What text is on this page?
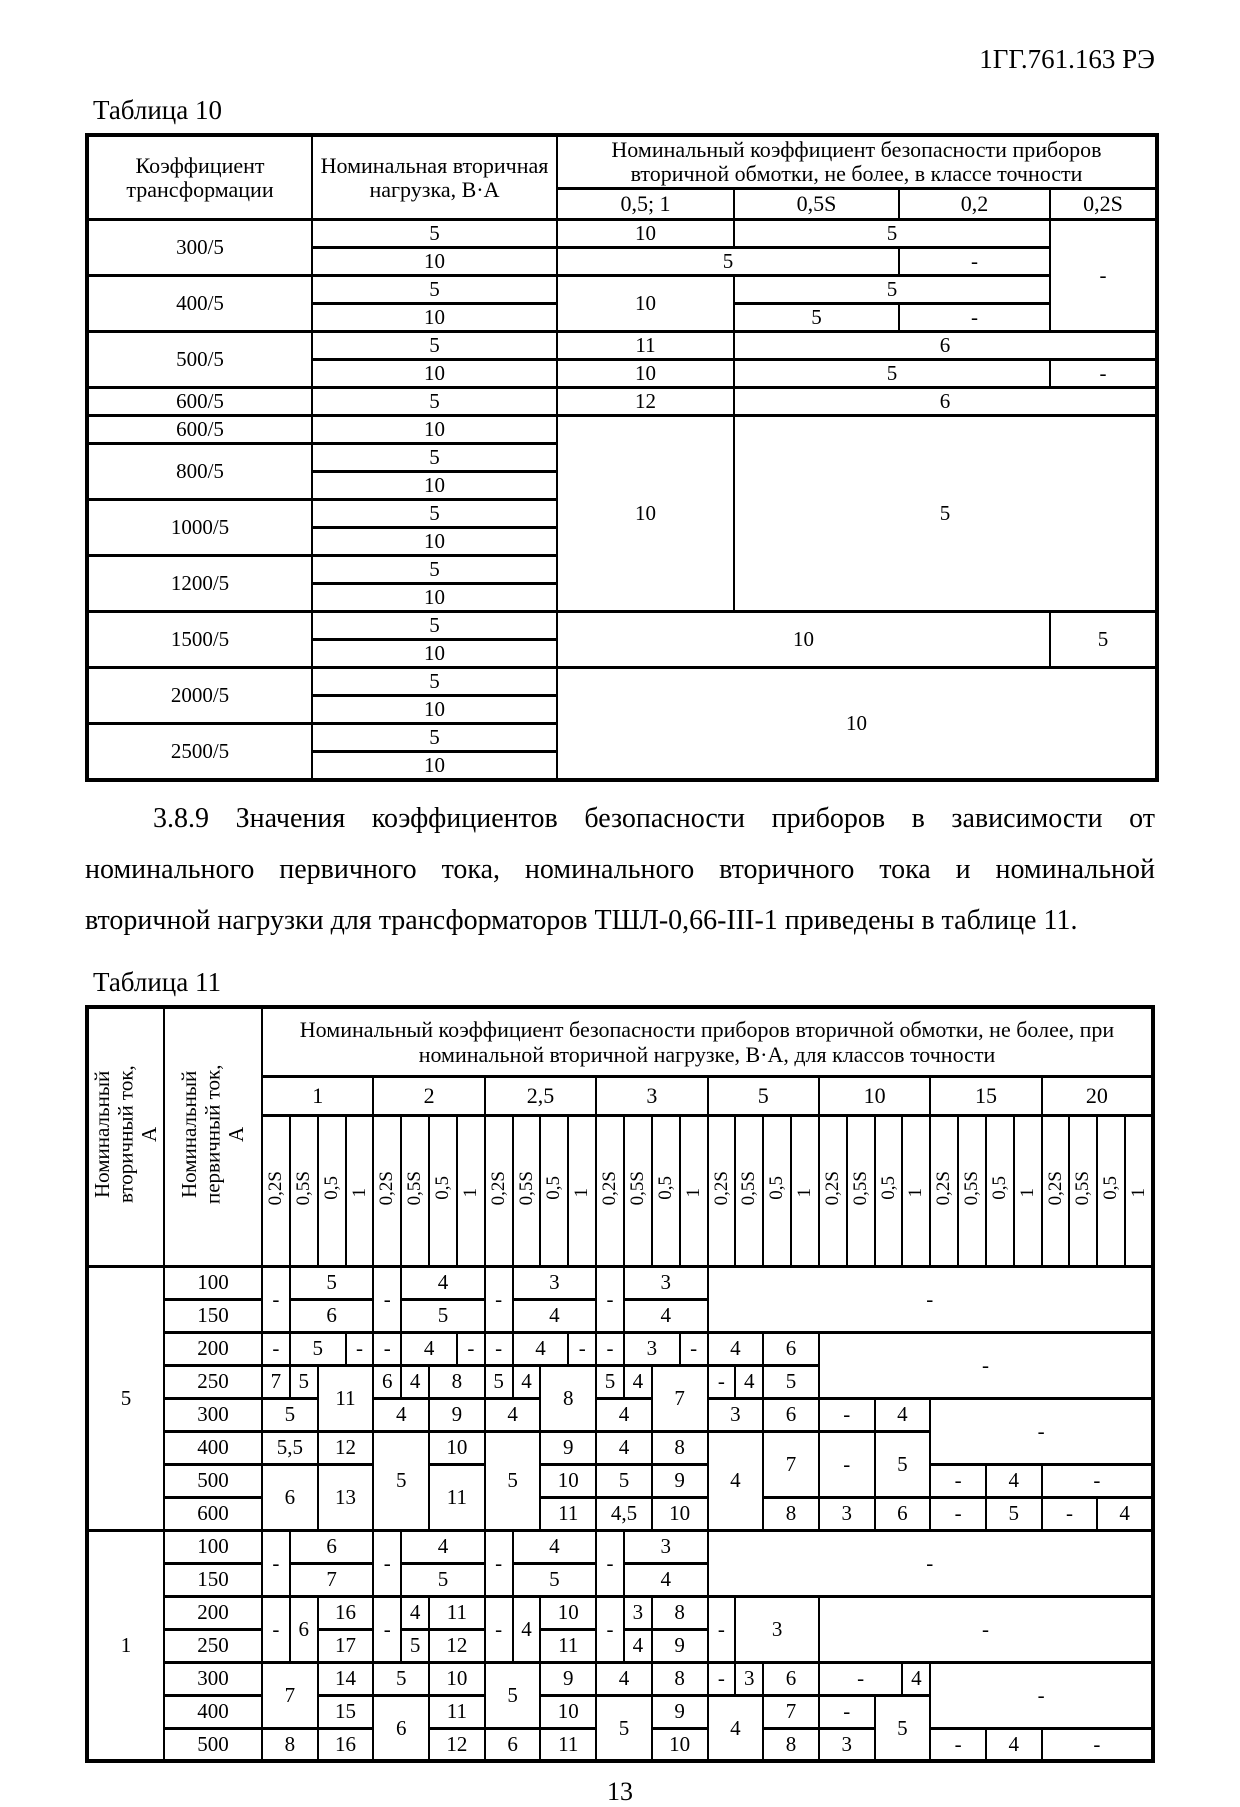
1ГГ.761.163 РЭ
Таблица 10
Коэффициент трансформации	Номинальная вторичная нагрузка, В·А	Номинальный коэффициент безопасности приборов вторичной обмотки, не более, в классе точности			
		0,5; 1	0,5S	0,2	0,2S
300/5	5	10	5		-
	10	5		-	
400/5	5	10	5		
	10		5	-	
500/5	5	11	6		
	10	10	5		-
600/5	5	12	6		
600/5	10	10	5		
800/5	5				
	10				
1000/5	5				
	10				
1200/5	5				
	10				
1500/5	5	10			5
	10				
2000/5	5	10			
	10				
2500/5	5				
	10				
3.8.9 Значения коэффициентов безопасности приборов в зависимости от номинального первичного тока, номинального вторичного тока и номинальной вторичной нагрузки для трансформаторов ТШЛ-0,66-III-1 приведены в таблице 11.
Таблица 11
Номинальный вторичный ток, А	Номинальный первичный ток, А	Номинальный коэффициент безопасности приборов вторичной обмотки, не более, при номинальной вторичной нагрузке, В·А, для классов точности																															
		1				2				2,5				3				5				10				15				20			
		0,2S	0,5S	0,5	1	0,2S	0,5S	0,5	1	0,2S	0,5S	0,5	1	0,2S	0,5S	0,5	1	0,2S	0,5S	0,5	1	0,2S	0,5S	0,5	1	0,2S	0,5S	0,5	1	0,2S	0,5S	0,5	1
5	100	-	5			-	4			-	3			-	3			-															
	150		6				5				4				4																		
	200	-	5		-	-	4		-	-	4		-	-	3		-	4		6		-											
	250	7	5	11		6	4	8		5	4	8		5	4	7		-	4	5													
	300	5				4		9		4				4				3		6		-		4		-							
	400	5,5		12		5		10		5		9		4		8		4		7		-		5									
	500	6		13				11				10		5		9										-		4		-			
	600											11		4,5		10				8		3		6		-		5		-		4	
1	100	-	6			-	4			-	4			-	3			-															
	150		7				5				5				4																		
	200	-	6	16		-	4	11		-	4	10		-	3	8		-	3			-											
	250			17			5	12				11			4	9																	
	300	7		14		5		10		5		9		4		8		-	3	6		-			4	-							
	400			15		6		11				10		5		9		4		7		-		5									
	500	8		16				12		6		11				10				8		3				-		4		-			
13
